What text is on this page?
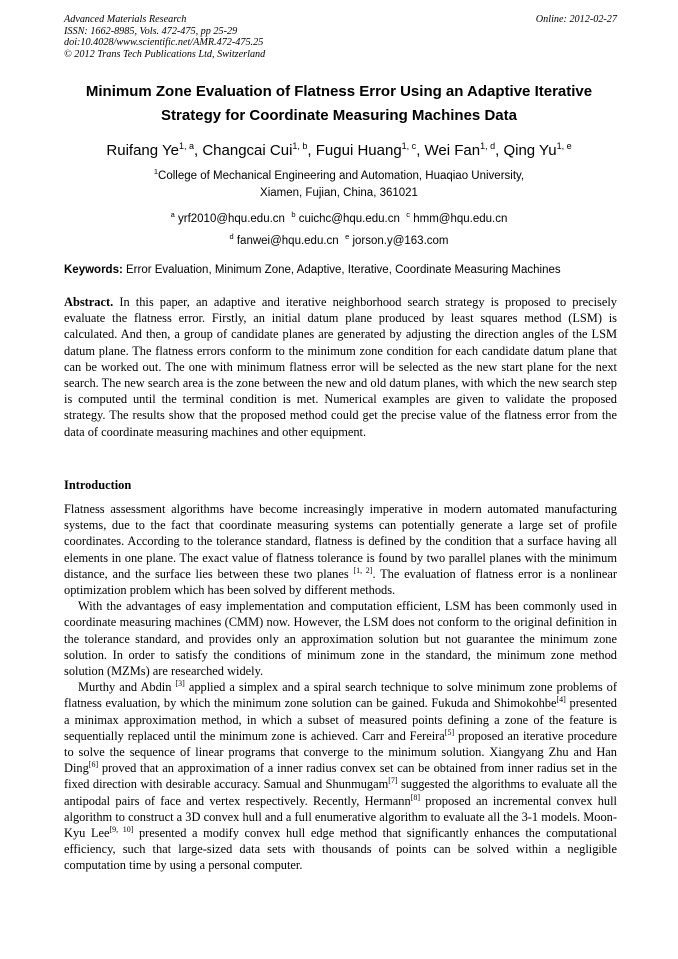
Advanced Materials Research
ISSN: 1662-8985, Vols. 472-475, pp 25-29
doi:10.4028/www.scientific.net/AMR.472-475.25
© 2012 Trans Tech Publications Ltd, Switzerland
Online: 2012-02-27
Minimum Zone Evaluation of Flatness Error Using an Adaptive Iterative
Strategy for Coordinate Measuring Machines Data
Ruifang Ye$^{1, a}$, Changcai Cui$^{1, b}$, Fugui Huang$^{1, c}$, Wei Fan$^{1, d}$, Qing Yu$^{1, e}$
$^1$College of Mechanical Engineering and Automation, Huaqiao University,
Xiamen, Fujian, China, 361021
$^a$ yrf2010@hqu.edu.cn $^b$ cuichc@hqu.edu.cn $^c$ hmm@hqu.edu.cn
$^d$ fanwei@hqu.edu.cn $^e$ jorson.y@163.com
Keywords: Error Evaluation, Minimum Zone, Adaptive, Iterative, Coordinate Measuring Machines

Abstract. In this paper, an adaptive and iterative neighborhood search strategy is proposed to precisely evaluate the flatness error. Firstly, an initial datum plane produced by least squares method (LSM) is calculated. And then, a group of candidate planes are generated by adjusting the direction angles of the LSM datum plane. The flatness errors conform to the minimum zone condition for each candidate datum plane that can be worked out. The one with minimum flatness error will be selected as the new start plane for the next search. The new search area is the zone between the new and old datum planes, with which the new search step is computed until the terminal condition is met. Numerical examples are given to validate the proposed strategy. The results show that the proposed method could get the precise value of the flatness error from the data of coordinate measuring machines and other equipment.

Introduction

Flatness assessment algorithms have become increasingly imperative in modern automated manufacturing systems, due to the fact that coordinate measuring systems can potentially generate a large set of profile coordinates. According to the tolerance standard, flatness is defined by the condition that a surface having all elements in one plane. The exact value of flatness tolerance is found by two parallel planes with the minimum distance, and the surface lies between these two planes [1, 2]. The evaluation of flatness error is a nonlinear optimization problem which has been solved by different methods.

With the advantages of easy implementation and computation efficient, LSM has been commonly used in coordinate measuring machines (CMM) now. However, the LSM does not conform to the original definition in the tolerance standard, and provides only an approximation solution but not guarantee the minimum zone solution. In order to satisfy the conditions of minimum zone in the standard, the minimum zone method solution (MZMs) are researched widely.

Murthy and Abdin [3] applied a simplex and a spiral search technique to solve minimum zone problems of flatness evaluation, by which the minimum zone solution can be gained. Fukuda and Shimokohbe[4] presented a minimax approximation method, in which a subset of measured points defining a zone of the feature is sequentially replaced until the minimum zone is achieved. Carr and Fereira[5] proposed an iterative procedure to solve the sequence of linear programs that converge to the minimum solution. Xiangyang Zhu and Han Ding[6] proved that an approximation of a inner radius convex set can be obtained from inner radius set in the fixed direction with desirable accuracy. Samual and Shunmugam[7] suggested the algorithms to evaluate all the antipodal pairs of face and vertex respectively. Recently, Hermann[8] proposed an incremental convex hull algorithm to construct a 3D convex hull and a full enumerative algorithm to evaluate all the 3-1 models. Moon-Kyu Lee[9, 10] presented a modify convex hull edge method that significantly enhances the computational efficiency, such that large-sized data sets with thousands of points can be solved within a negligible computation time by using a personal computer.
